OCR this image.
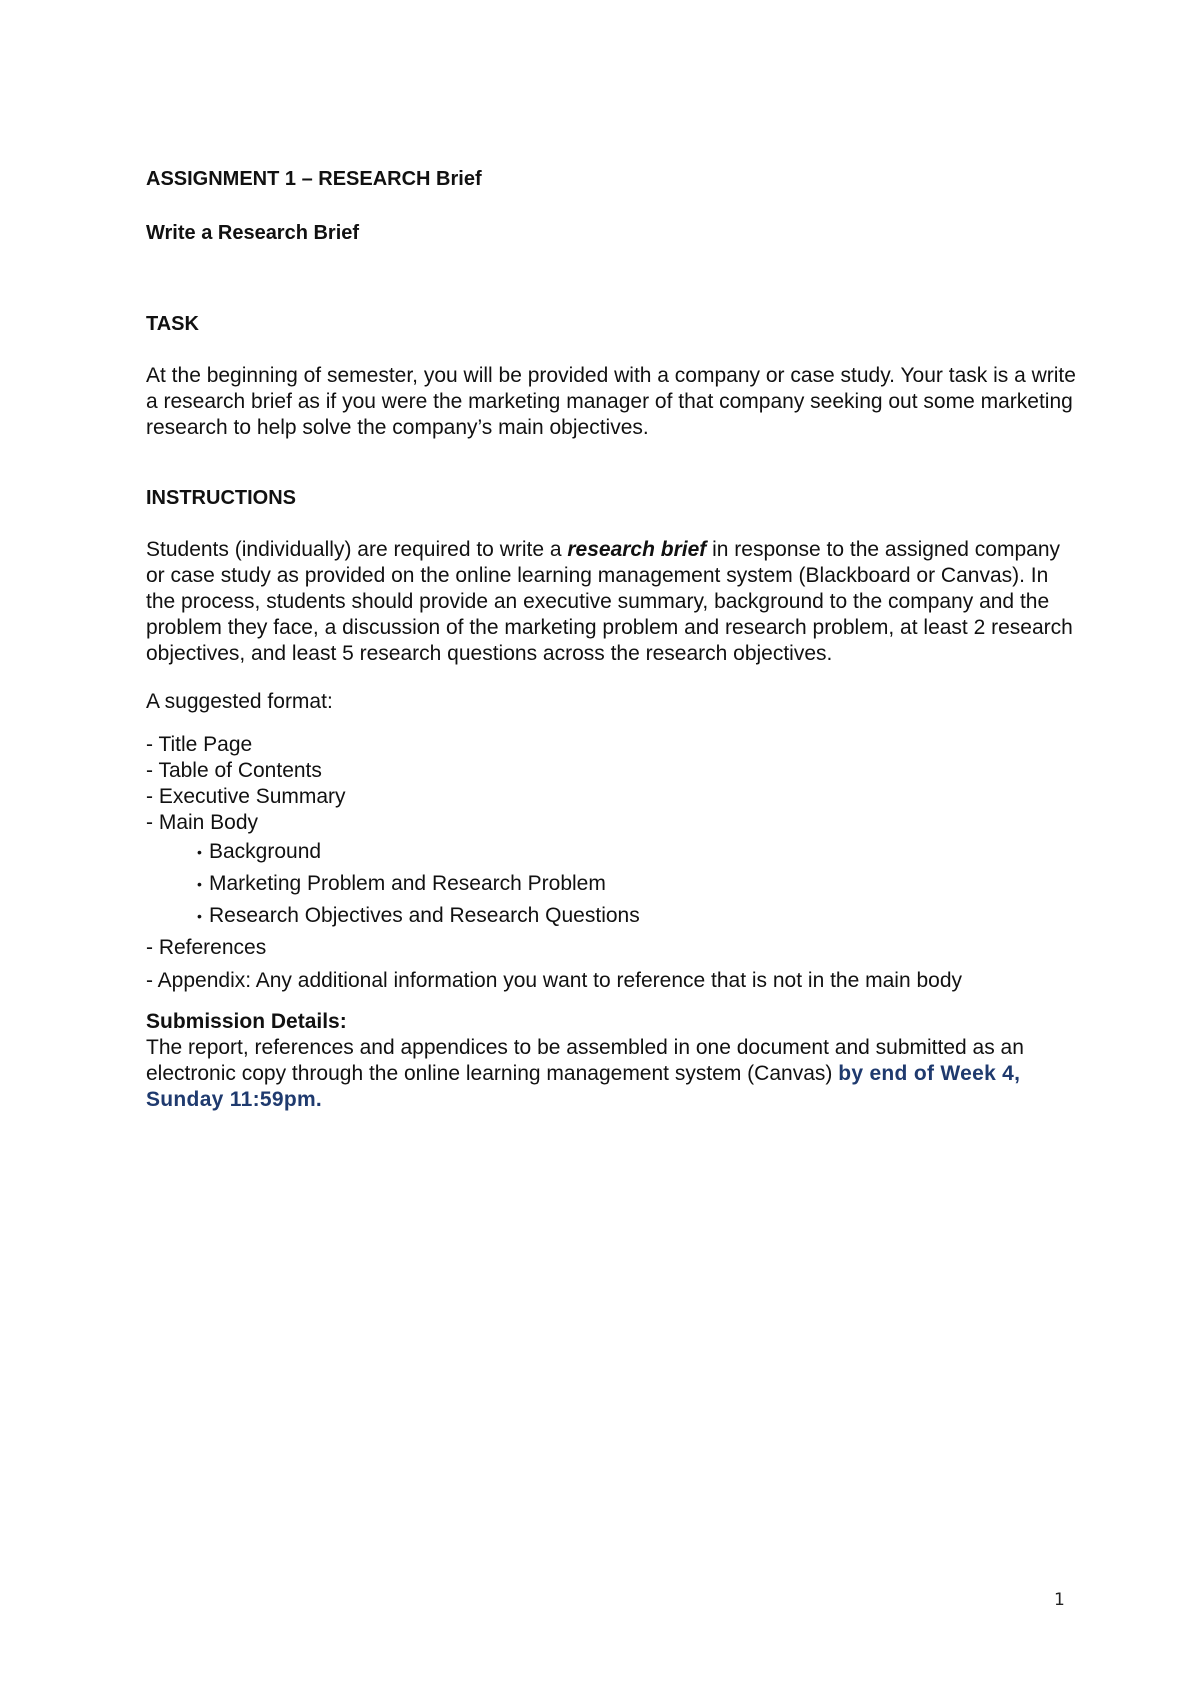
ASSIGNMENT 1 – RESEARCH Brief

Write a Research Brief

TASK

At the beginning of semester, you will be provided with a company or case study. Your task is a write a research brief as if you were the marketing manager of that company seeking out some marketing research to help solve the company’s main objectives.

INSTRUCTIONS

Students (individually) are required to write a research brief in response to the assigned company or case study as provided on the online learning management system (Blackboard or Canvas). In the process, students should provide an executive summary, background to the company and the problem they face, a discussion of the marketing problem and research problem, at least 2 research objectives, and least 5 research questions across the research objectives.

A suggested format:

- Title Page
- Table of Contents
- Executive Summary
- Main Body
• Background
• Marketing Problem and Research Problem
• Research Objectives and Research Questions
- References
- Appendix: Any additional information you want to reference that is not in the main body

Submission Details:

The report, references and appendices to be assembled in one document and submitted as an electronic copy through the online learning management system (Canvas) by end of Week 4, Sunday 11:59pm.

1
